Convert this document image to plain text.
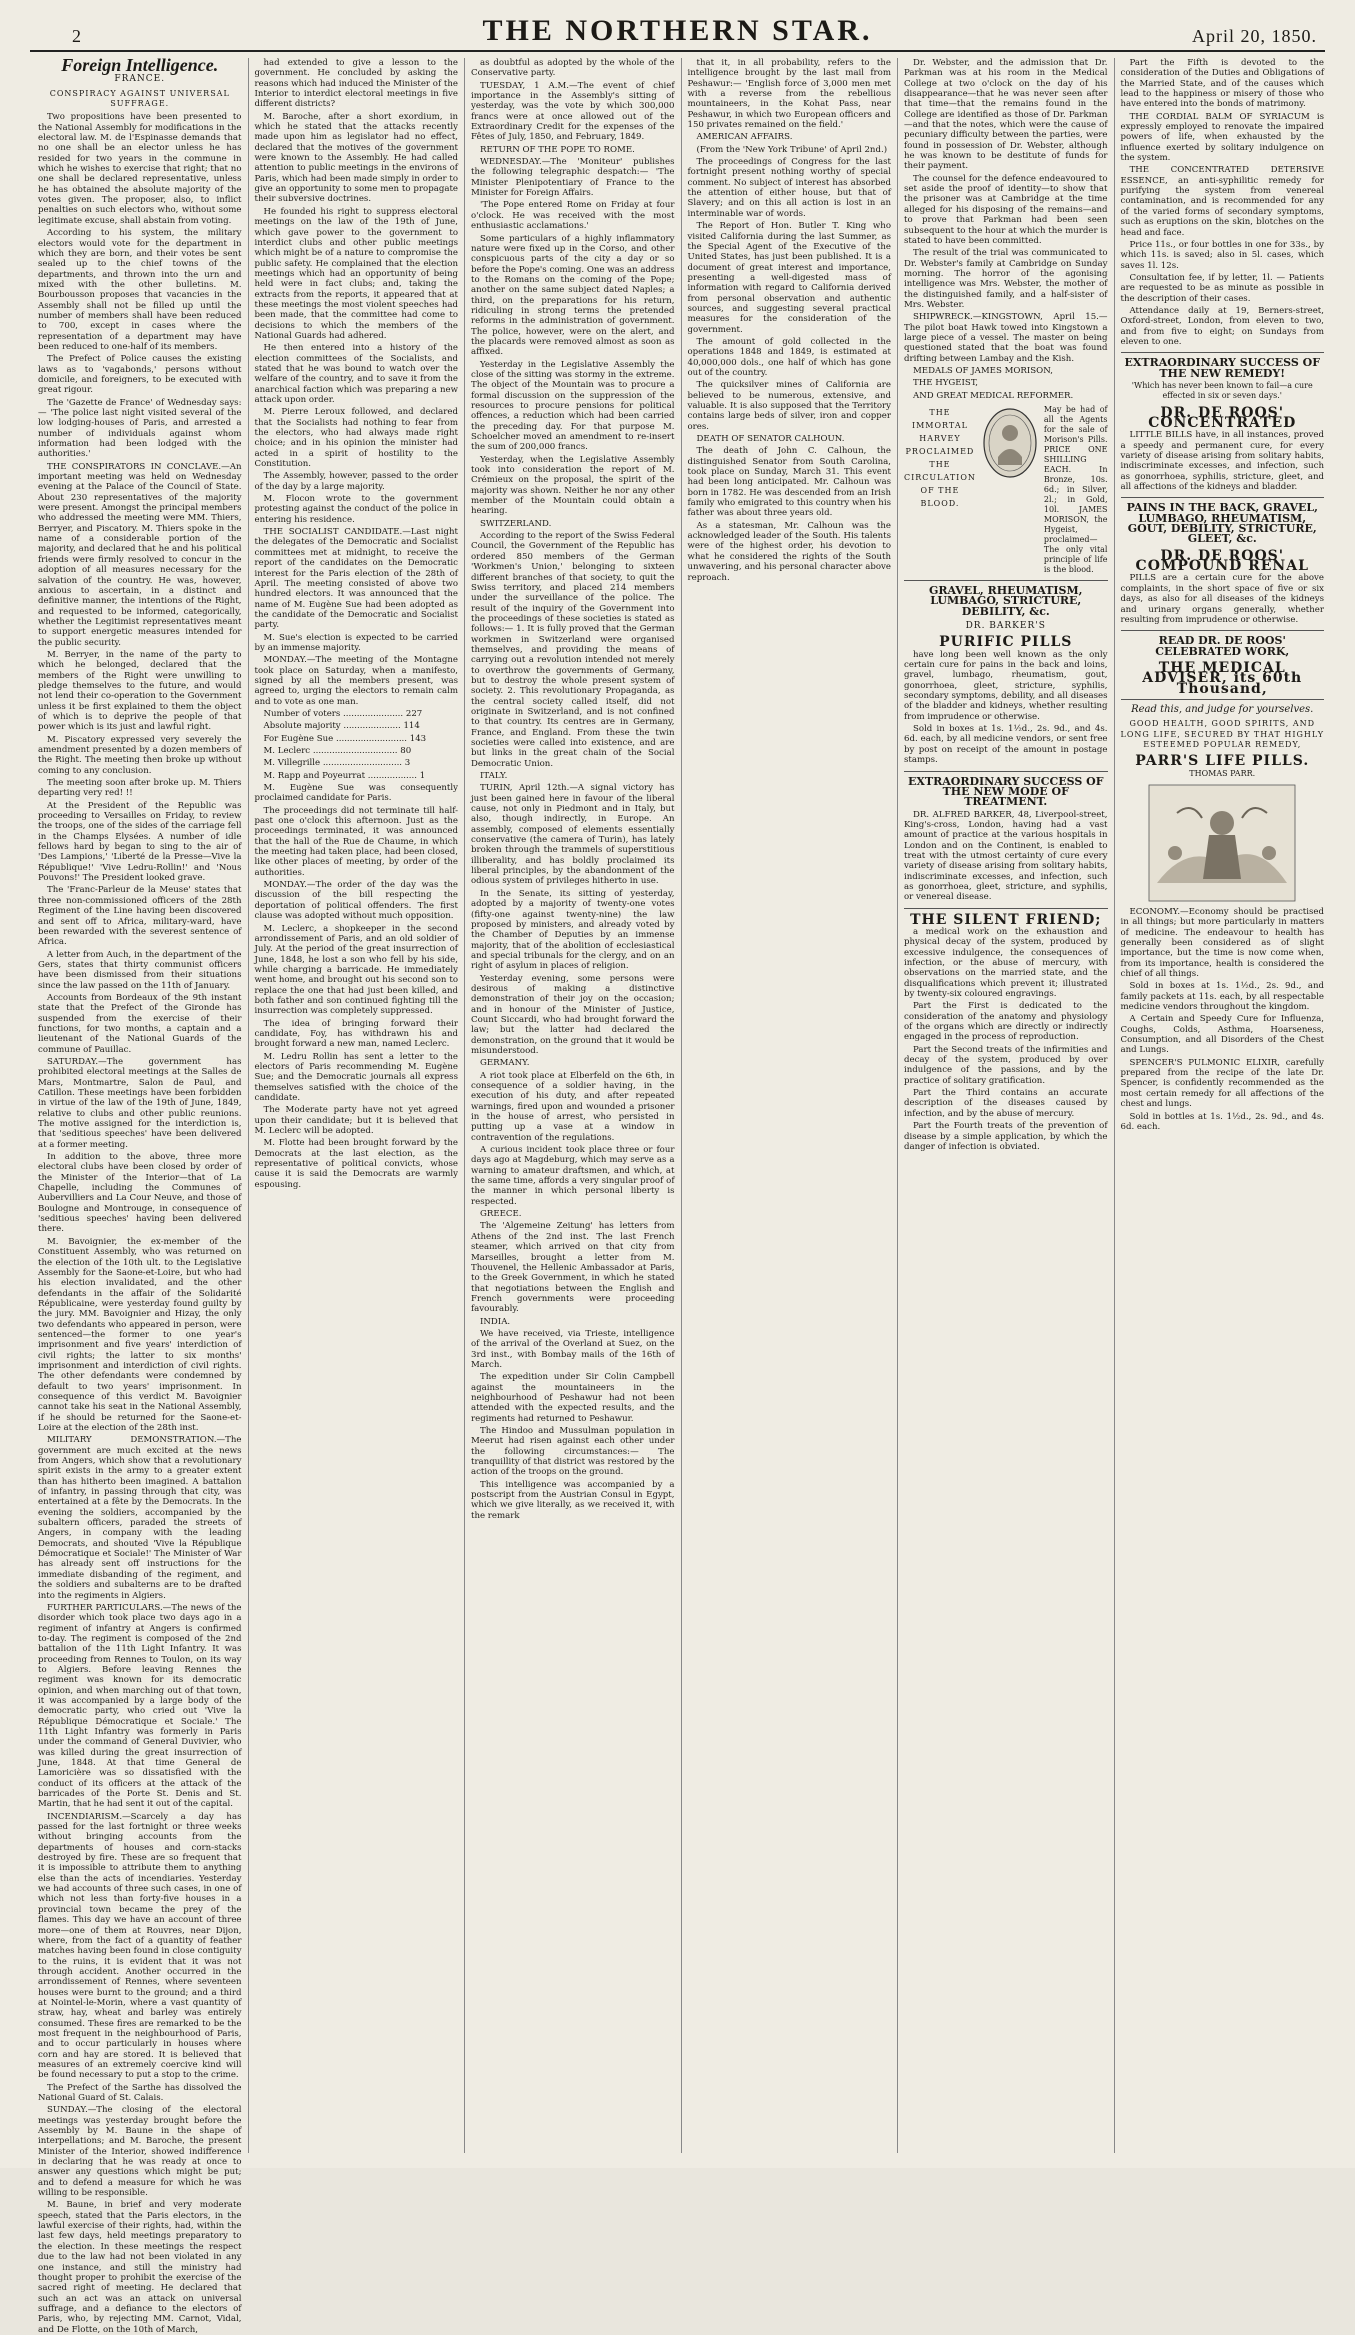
2	THE NORTHERN STAR.	April 20, 1850.
Foreign Intelligence.
FRANCE.
CONSPIRACY AGAINST UNIVERSAL SUFFRAGE.

Two propositions have been presented to the National Assembly for modifications in the electoral law. M. de l'Espinasse demands that no one shall be an elector unless he has resided for two years in the commune in which he wishes to exercise that right; that no one shall be declared representative, unless he has obtained the absolute majority of the votes given. The proposer, also, to inflict penalties on such electors who, without some legitimate excuse, shall abstain from voting.

According to his system, the military electors would vote for the department in which they are born, and their votes be sent sealed up to the chief towns of the departments, and thrown into the urn and mixed with the other bulletins. M. Bourbousson proposes that vacancies in the Assembly shall not be filled up until the number of members shall have been reduced to 700, except in cases where the representation of a department may have been reduced to one-half of its members.

The Prefect of Police causes the existing laws as to 'vagabonds,' persons without domicile, and foreigners, to be executed with great rigour.

The 'Gazette de France' of Wednesday says:— 'The police last night visited several of the low lodging-houses of Paris, and arrested a number of individuals against whom information had been lodged with the authorities.'

THE CONSPIRATORS IN CONCLAVE.—An important meeting was held on Wednesday evening at the Palace of the Council of State. About 230 representatives of the majority were present. Amongst the principal members who addressed the meeting were MM. Thiers, Berryer, and Piscatory. M. Thiers spoke in the name of a considerable portion of the majority, and declared that he and his political friends were firmly resolved to concur in the adoption of all measures necessary for the salvation of the country. He was, however, anxious to ascertain, in a distinct and definitive manner, the intentions of the Right, and requested to be informed, categorically, whether the Legitimist representatives meant to support energetic measures intended for the public security.

M. Berryer, in the name of the party to which he belonged, declared that the members of the Right were unwilling to pledge themselves to the future, and would not lend their co-operation to the Government unless it be first explained to them the object of which is to deprive the people of that power which is its just and lawful right.

M. Piscatory expressed very severely the amendment presented by a dozen members of the Right. The meeting then broke up without coming to any conclusion.

The meeting soon after broke up. M. Thiers departing very red! !!

At the President of the Republic was proceeding to Versailles on Friday, to review the troops, one of the sides of the carriage fell in the Champs Elysées. A number of idle fellows hard by began to sing to the air of 'Des Lampions,' 'Liberté de la Presse—Vive la République!' 'Vive Ledru-Rollin!' and 'Nous Pouvons!' The President looked grave.

The 'Franc-Parleur de la Meuse' states that three non-commissioned officers of the 28th Regiment of the Line having been discovered and sent off to Africa, military-ward, have been rewarded with the severest sentence of Africa.

A letter from Auch, in the department of the Gers, states that thirty communist officers have been dismissed from their situations since the law passed on the 11th of January.

Accounts from Bordeaux of the 9th instant state that the Prefect of the Gironde has suspended from the exercise of their functions, for two months, a captain and a lieutenant of the National Guards of the commune of Pauillac.

SATURDAY.—The government has prohibited electoral meetings at the Salles de Mars, Montmartre, Salon de Paul, and Catillon. These meetings have been forbidden in virtue of the law of the 19th of June, 1849, relative to clubs and other public reunions. The motive assigned for the interdiction is, that 'seditious speeches' have been delivered at a former meeting.

In addition to the above, three more electoral clubs have been closed by order of the Minister of the Interior—that of La Chapelle, including the Communes of Aubervilliers and La Cour Neuve, and those of Boulogne and Montrouge, in consequence of 'seditious speeches' having been delivered there.

M. Bavoignier, the ex-member of the Constituent Assembly, who was returned on the election of the 10th ult. to the Legislative Assembly for the Saone-et-Loire, but who had his election invalidated, and the other defendants in the affair of the Solidarité Républicaine, were yesterday found guilty by the jury. MM. Bavoignier and Hizay, the only two defendants who appeared in person, were sentenced—the former to one year's imprisonment and five years' interdiction of civil rights; the latter to six months' imprisonment and interdiction of civil rights. The other defendants were condemned by default to two years' imprisonment. In consequence of this verdict M. Bavoignier cannot take his seat in the National Assembly, if he should be returned for the Saone-et-Loire at the election of the 28th inst.

MILITARY DEMONSTRATION.—The government are much excited at the news from Angers, which show that a revolutionary spirit exists in the army to a greater extent than has hitherto been imagined. A battalion of infantry, in passing through that city, was entertained at a fête by the Democrats. In the evening the soldiers, accompanied by the subaltern officers, paraded the streets of Angers, in company with the leading Democrats, and shouted 'Vive la République Démocratique et Sociale!' The Minister of War has already sent off instructions for the immediate disbanding of the regiment, and the soldiers and subalterns are to be drafted into the regiments in Algiers.

FURTHER PARTICULARS.—The news of the disorder which took place two days ago in a regiment of infantry at Angers is confirmed to-day. The regiment is composed of the 2nd battalion of the 11th Light Infantry. It was proceeding from Rennes to Toulon, on its way to Algiers. Before leaving Rennes the regiment was known for its democratic opinion, and when marching out of that town, it was accompanied by a large body of the democratic party, who cried out 'Vive la République Démocratique et Sociale.' The 11th Light Infantry was formerly in Paris under the command of General Duvivier, who was killed during the great insurrection of June, 1848. At that time General de Lamoricière was so dissatisfied with the conduct of its officers at the attack of the barricades of the Porte St. Denis and St. Martin, that he had sent it out of the capital.

INCENDIARISM.—Scarcely a day has passed for the last fortnight or three weeks without bringing accounts from the departments of houses and corn-stacks destroyed by fire. These are so frequent that it is impossible to attribute them to anything else than the acts of incendiaries. Yesterday we had accounts of three such cases, in one of which not less than forty-five houses in a provincial town became the prey of the flames. This day we have an account of three more—one of them at Rouvres, near Dijon, where, from the fact of a quantity of feather matches having been found in close contiguity to the ruins, it is evident that it was not through accident. Another occurred in the arrondissement of Rennes, where seventeen houses were burnt to the ground; and a third at Nointel-le-Morin, where a vast quantity of straw, hay, wheat and barley was entirely consumed. These fires are remarked to be the most frequent in the neighbourhood of Paris, and to occur particularly in houses where corn and hay are stored. It is believed that measures of an extremely coercive kind will be found necessary to put a stop to the crime.

The Prefect of the Sarthe has dissolved the National Guard of St. Calais.

SUNDAY.—The closing of the electoral meetings was yesterday brought before the Assembly by M. Baune in the shape of interpellations; and M. Baroche, the present Minister of the Interior, showed indifference in declaring that he was ready at once to answer any questions which might be put; and to defend a measure for which he was willing to be responsible.

M. Baune, in brief and very moderate speech, stated that the Paris electors, in the lawful exercise of their rights, had, within the last few days, held meetings preparatory to the election. In these meetings the respect due to the law had not been violated in any one instance, and still the ministry had thought proper to prohibit the exercise of the sacred right of meeting. He declared that such an act was an attack on universal suffrage, and a defiance to the electors of Paris, who, by rejecting MM. Carnot, Vidal, and De Flotte, on the 10th of March,

had extended to give a lesson to the government. He concluded by asking the reasons which had induced the Minister of the Interior to interdict electoral meetings in five different districts?

M. Baroche, after a short exordium, in which he stated that the attacks recently made upon him as legislator had no effect, declared that the motives of the government were known to the Assembly. He had called attention to public meetings in the environs of Paris, which had been made simply in order to give an opportunity to some men to propagate their subversive doctrines.

He founded his right to suppress electoral meetings on the law of the 19th of June, which gave power to the government to interdict clubs and other public meetings which might be of a nature to compromise the public safety. He complained that the election meetings which had an opportunity of being held were in fact clubs; and, taking the extracts from the reports, it appeared that at these meetings the most violent speeches had been made, that the committee had come to decisions to which the members of the National Guards had adhered.

He then entered into a history of the election committees of the Socialists, and stated that he was bound to watch over the welfare of the country, and to save it from the anarchical faction which was preparing a new attack upon order.

M. Pierre Leroux followed, and declared that the Socialists had nothing to fear from the electors, who had always made right choice; and in his opinion the minister had acted in a spirit of hostility to the Constitution.

The Assembly, however, passed to the order of the day by a large majority.

M. Flocon wrote to the government protesting against the conduct of the police in entering his residence.

THE SOCIALIST CANDIDATE.—Last night the delegates of the Democratic and Socialist committees met at midnight, to receive the report of the candidates on the Democratic interest for the Paris election of the 28th of April. The meeting consisted of above two hundred electors. It was announced that the name of M. Eugène Sue had been adopted as the candidate of the Democratic and Socialist party.

M. Sue's election is expected to be carried by an immense majority.

MONDAY.—The meeting of the Montagne took place on Saturday, when a manifesto, signed by all the members present, was agreed to, urging the electors to remain calm and to vote as one man.

Number of voters ...................... 227

Absolute majority ..................... 114

For Eugène Sue .......................... 143

M. Leclerc ............................... 80

M. Villegrille ............................. 3

M. Rapp and Poyeurrat .................. 1

M. Eugène Sue was consequently proclaimed candidate for Paris.

The proceedings did not terminate till half-past one o'clock this afternoon. Just as the proceedings terminated, it was announced that the hall of the Rue de Chaume, in which the meeting had taken place, had been closed, like other places of meeting, by order of the authorities.

MONDAY.—The order of the day was the discussion of the bill respecting the deportation of political offenders. The first clause was adopted without much opposition.

M. Leclerc, a shopkeeper in the second arrondissement of Paris, and an old soldier of July. At the period of the great insurrection of June, 1848, he lost a son who fell by his side, while charging a barricade. He immediately went home, and brought out his second son to replace the one that had just been killed, and both father and son continued fighting till the insurrection was completely suppressed.

The idea of bringing forward their candidate, Foy, has withdrawn his and brought forward a new man, named Leclerc.

M. Ledru Rollin has sent a letter to the electors of Paris recommending M. Eugène Sue; and the Democratic journals all express themselves satisfied with the choice of the candidate.

The Moderate party have not yet agreed upon their candidate; but it is believed that M. Leclerc will be adopted.

M. Flotte had been brought forward by the Democrats at the last election, as the representative of political convicts, whose cause it is said the Democrats are warmly espousing.

as doubtful as adopted by the whole of the Conservative party.

TUESDAY, 1 A.M.—The event of chief importance in the Assembly's sitting of yesterday, was the vote by which 300,000 francs were at once allowed out of the Extraordinary Credit for the expenses of the Fêtes of July, 1850, and February, 1849.

RETURN OF THE POPE TO ROME.

WEDNESDAY.—The 'Moniteur' publishes the following telegraphic despatch:— 'The Minister Plenipotentiary of France to the Minister for Foreign Affairs.

'The Pope entered Rome on Friday at four o'clock. He was received with the most enthusiastic acclamations.'

Some particulars of a highly inflammatory nature were fixed up in the Corso, and other conspicuous parts of the city a day or so before the Pope's coming. One was an address to the Romans on the coming of the Pope; another on the same subject dated Naples; a third, on the preparations for his return, ridiculing in strong terms the pretended reforms in the administration of government. The police, however, were on the alert, and the placards were removed almost as soon as affixed.

Yesterday in the Legislative Assembly the close of the sitting was stormy in the extreme. The object of the Mountain was to procure a formal discussion on the suppression of the resources to procure pensions for political offences, a reduction which had been carried the preceding day. For that purpose M. Schoelcher moved an amendment to re-insert the sum of 200,000 francs.

Yesterday, when the Legislative Assembly took into consideration the report of M. Crémieux on the proposal, the spirit of the majority was shown. Neither he nor any other member of the Mountain could obtain a hearing.

SWITZERLAND.

According to the report of the Swiss Federal Council, the Government of the Republic has ordered 850 members of the German 'Workmen's Union,' belonging to sixteen different branches of that society, to quit the Swiss territory, and placed 214 members under the surveillance of the police. The result of the inquiry of the Government into the proceedings of these societies is stated as follows:— 1. It is fully proved that the German workmen in Switzerland were organised themselves, and providing the means of carrying out a revolution intended not merely to overthrow the governments of Germany, but to destroy the whole present system of society. 2. This revolutionary Propaganda, as the central society called itself, did not originate in Switzerland, and is not confined to that country. Its centres are in Germany, France, and England. From these the twin societies were called into existence, and are but links in the great chain of the Social Democratic Union.

ITALY.

TURIN, April 12th.—A signal victory has just been gained here in favour of the liberal cause, not only in Piedmont and in Italy, but also, though indirectly, in Europe. An assembly, composed of elements essentially conservative (the camera of Turin), has lately broken through the trammels of superstitious illiberality, and has boldly proclaimed its liberal principles, by the abandonment of the odious system of privileges hitherto in use.

In the Senate, its sitting of yesterday, adopted by a majority of twenty-one votes (fifty-one against twenty-nine) the law proposed by ministers, and already voted by the Chamber of Deputies by an immense majority, that of the abolition of ecclesiastical and special tribunals for the clergy, and on an right of asylum in places of religion.

Yesterday evening, some persons were desirous of making a distinctive demonstration of their joy on the occasion; and in honour of the Minister of Justice, Count Siccardi, who had brought forward the law; but the latter had declared the demonstration, on the ground that it would be misunderstood.

GERMANY.

A riot took place at Elberfeld on the 6th, in consequence of a soldier having, in the execution of his duty, and after repeated warnings, fired upon and wounded a prisoner in the house of arrest, who persisted in putting up a vase at a window in contravention of the regulations.

A curious incident took place three or four days ago at Magdeburg, which may serve as a warning to amateur draftsmen, and which, at the same time, affords a very singular proof of the manner in which personal liberty is respected.

GREECE.

The 'Algemeine Zeitung' has letters from Athens of the 2nd inst. The last French steamer, which arrived on that city from Marseilles, brought a letter from M. Thouvenel, the Hellenic Ambassador at Paris, to the Greek Government, in which he stated that negotiations between the English and French governments were proceeding favourably.

INDIA.

We have received, via Trieste, intelligence of the arrival of the Overland at Suez, on the 3rd inst., with Bombay mails of the 16th of March.

The expedition under Sir Colin Campbell against the mountaineers in the neighbourhood of Peshawur had not been attended with the expected results, and the regiments had returned to Peshawur.

The Hindoo and Mussulman population in Meerut had risen against each other under the following circumstances:— The tranquillity of that district was restored by the action of the troops on the ground.

This intelligence was accompanied by a postscript from the Austrian Consul in Egypt, which we give literally, as we received it, with the remark

that it, in all probability, refers to the intelligence brought by the last mail from Peshawur:— 'English force of 3,000 men met with a reverse from the rebellious mountaineers, in the Kohat Pass, near Peshawur, in which two European officers and 150 privates remained on the field.'

AMERICAN AFFAIRS.

(From the 'New York Tribune' of April 2nd.)

The proceedings of Congress for the last fortnight present nothing worthy of special comment. No subject of interest has absorbed the attention of either house, but that of Slavery; and on this all action is lost in an interminable war of words.

The Report of Hon. Butler T. King who visited California during the last Summer, as the Special Agent of the Executive of the United States, has just been published. It is a document of great interest and importance, presenting a well-digested mass of information with regard to California derived from personal observation and authentic sources, and suggesting several practical measures for the consideration of the government.

The amount of gold collected in the operations 1848 and 1849, is estimated at 40,000,000 dols., one half of which has gone out of the country.

The quicksilver mines of California are believed to be numerous, extensive, and valuable. It is also supposed that the Territory contains large beds of silver, iron and copper ores.

DEATH OF SENATOR CALHOUN.

The death of John C. Calhoun, the distinguished Senator from South Carolina, took place on Sunday, March 31. This event had been long anticipated. Mr. Calhoun was born in 1782. He was descended from an Irish family who emigrated to this country when his father was about three years old.

As a statesman, Mr. Calhoun was the acknowledged leader of the South. His talents were of the highest order, his devotion to what he considered the rights of the South unwavering, and his personal character above reproach.

Dr. Webster, and the admission that Dr. Parkman was at his room in the Medical College at two o'clock on the day of his disappearance—that he was never seen after that time—that the remains found in the College are identified as those of Dr. Parkman—and that the notes, which were the cause of pecuniary difficulty between the parties, were found in possession of Dr. Webster, although he was known to be destitute of funds for their payment.

The counsel for the defence endeavoured to set aside the proof of identity—to show that the prisoner was at Cambridge at the time alleged for his disposing of the remains—and to prove that Parkman had been seen subsequent to the hour at which the murder is stated to have been committed.

The result of the trial was communicated to Dr. Webster's family at Cambridge on Sunday morning. The horror of the agonising intelligence was Mrs. Webster, the mother of the distinguished family, and a half-sister of Mrs. Webster.

SHIPWRECK.—KINGSTOWN, April 15.—The pilot boat Hawk towed into Kingstown a large piece of a vessel. The master on being questioned stated that the boat was found drifting between Lambay and the Kish.

MEDALS OF JAMES MORISON,

THE HYGEIST,

AND GREAT MEDICAL REFORMER.

THE
IMMORTAL
HARVEY
PROCLAIMED
THE
CIRCULATION
OF THE
BLOOD.
May be had of all the Agents for the sale of Morison's Pills. PRICE ONE SHILLING EACH. In Bronze, 10s. 6d.; in Silver, 2l.; in Gold, 10l. JAMES MORISON, the Hygeist, proclaimed— The only vital principle of life is the blood.
GRAVEL, RHEUMATISM, LUMBAGO, STRICTURE, DEBILITY, &c.
DR. BARKER'S
PURIFIC PILLS

have long been well known as the only certain cure for pains in the back and loins, gravel, lumbago, rheumatism, gout, gonorrhoea, gleet, stricture, syphilis, secondary symptoms, debility, and all diseases of the bladder and kidneys, whether resulting from imprudence or otherwise.

Sold in boxes at 1s. 1½d., 2s. 9d., and 4s. 6d. each, by all medicine vendors, or sent free by post on receipt of the amount in postage stamps.

EXTRAORDINARY SUCCESS OF THE NEW MODE OF TREATMENT.

DR. ALFRED BARKER, 48, Liverpool-street, King's-cross, London, having had a vast amount of practice at the various hospitals in London and on the Continent, is enabled to treat with the utmost certainty of cure every variety of disease arising from solitary habits, indiscriminate excesses, and infection, such as gonorrhoea, gleet, stricture, and syphilis, or venereal disease.

THE SILENT FRIEND;

a medical work on the exhaustion and physical decay of the system, produced by excessive indulgence, the consequences of infection, or the abuse of mercury, with observations on the married state, and the disqualifications which prevent it; illustrated by twenty-six coloured engravings.

Part the First is dedicated to the consideration of the anatomy and physiology of the organs which are directly or indirectly engaged in the process of reproduction.

Part the Second treats of the infirmities and decay of the system, produced by over indulgence of the passions, and by the practice of solitary gratification.

Part the Third contains an accurate description of the diseases caused by infection, and by the abuse of mercury.

Part the Fourth treats of the prevention of disease by a simple application, by which the danger of infection is obviated.

Part the Fifth is devoted to the consideration of the Duties and Obligations of the Married State, and of the causes which lead to the happiness or misery of those who have entered into the bonds of matrimony.

THE CORDIAL BALM OF SYRIACUM is expressly employed to renovate the impaired powers of life, when exhausted by the influence exerted by solitary indulgence on the system.

THE CONCENTRATED DETERSIVE ESSENCE, an anti-syphilitic remedy for purifying the system from venereal contamination, and is recommended for any of the varied forms of secondary symptoms, such as eruptions on the skin, blotches on the head and face.

Price 11s., or four bottles in one for 33s., by which 11s. is saved; also in 5l. cases, which saves 1l. 12s.

Consultation fee, if by letter, 1l. — Patients are requested to be as minute as possible in the description of their cases.

Attendance daily at 19, Berners-street, Oxford-street, London, from eleven to two, and from five to eight; on Sundays from eleven to one.

EXTRAORDINARY SUCCESS OF THE NEW REMEDY!
'Which has never been known to fail—a cure effected in six or seven days.'
DR. DE ROOS' CONCENTRATED

LITTLE BILLS have, in all instances, proved a speedy and permanent cure, for every variety of disease arising from solitary habits, indiscriminate excesses, and infection, such as gonorrhoea, syphilis, stricture, gleet, and all affections of the kidneys and bladder.

PAINS IN THE BACK, GRAVEL, LUMBAGO, RHEUMATISM, GOUT, DEBILITY, STRICTURE, GLEET, &c.
DR. DE ROOS' COMPOUND RENAL

PILLS are a certain cure for the above complaints, in the short space of five or six days, as also for all diseases of the kidneys and urinary organs generally, whether resulting from imprudence or otherwise.

READ DR. DE ROOS' CELEBRATED WORK,
THE MEDICAL ADVISER, its 60th Thousand,
Read this, and judge for yourselves.
GOOD HEALTH, GOOD SPIRITS, AND LONG LIFE, SECURED BY THAT HIGHLY ESTEEMED POPULAR REMEDY,
PARR'S LIFE PILLS.
THOMAS PARR.

ECONOMY.—Economy should be practised in all things; but more particularly in matters of medicine. The endeavour to health has generally been considered as of slight importance, but the time is now come when, from its importance, health is considered the chief of all things.

Sold in boxes at 1s. 1½d., 2s. 9d., and family packets at 11s. each, by all respectable medicine vendors throughout the kingdom.

A Certain and Speedy Cure for Influenza, Coughs, Colds, Asthma, Hoarseness, Consumption, and all Disorders of the Chest and Lungs.

SPENCER'S PULMONIC ELIXIR, carefully prepared from the recipe of the late Dr. Spencer, is confidently recommended as the most certain remedy for all affections of the chest and lungs.

Sold in bottles at 1s. 1½d., 2s. 9d., and 4s. 6d. each.
